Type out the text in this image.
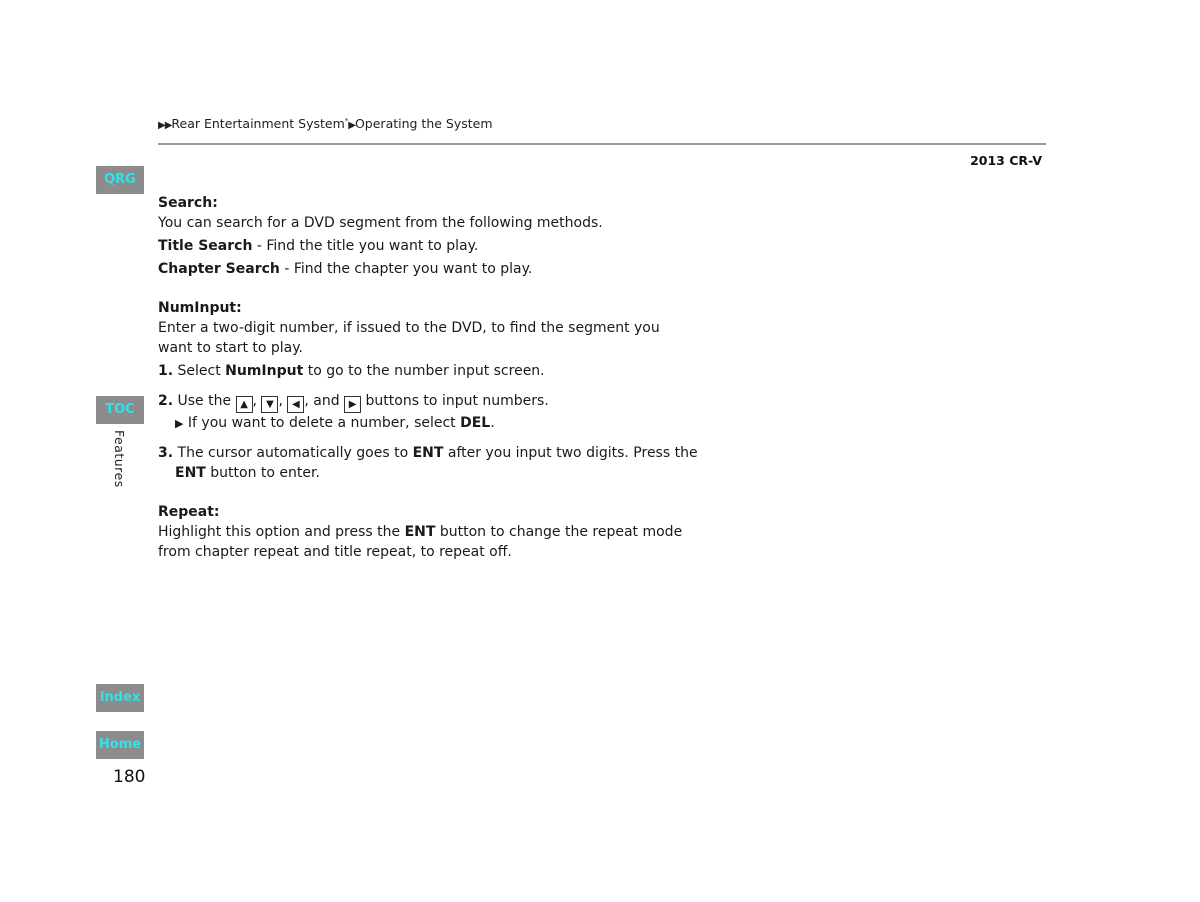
▶▶Rear Entertainment System*▶Operating the System
2013 CR-V
QRG
TOC
Features
Index
Home
180

Search:

You can search for a DVD segment from the following methods.

Title Search - Find the title you want to play.

Chapter Search - Find the chapter you want to play.

NumInput:

Enter a two-digit number, if issued to the DVD, to find the segment you want to start to play.

1. Select NumInput to go to the number input screen.

2. Use the ▲ , ▼ , ◀ , and ▶ buttons to input numbers.

▶ If you want to delete a number, select DEL.

3. The cursor automatically goes to ENT after you input two digits. Press the ENT button to enter.

Repeat:

Highlight this option and press the ENT button to change the repeat mode from chapter repeat and title repeat, to repeat off.
